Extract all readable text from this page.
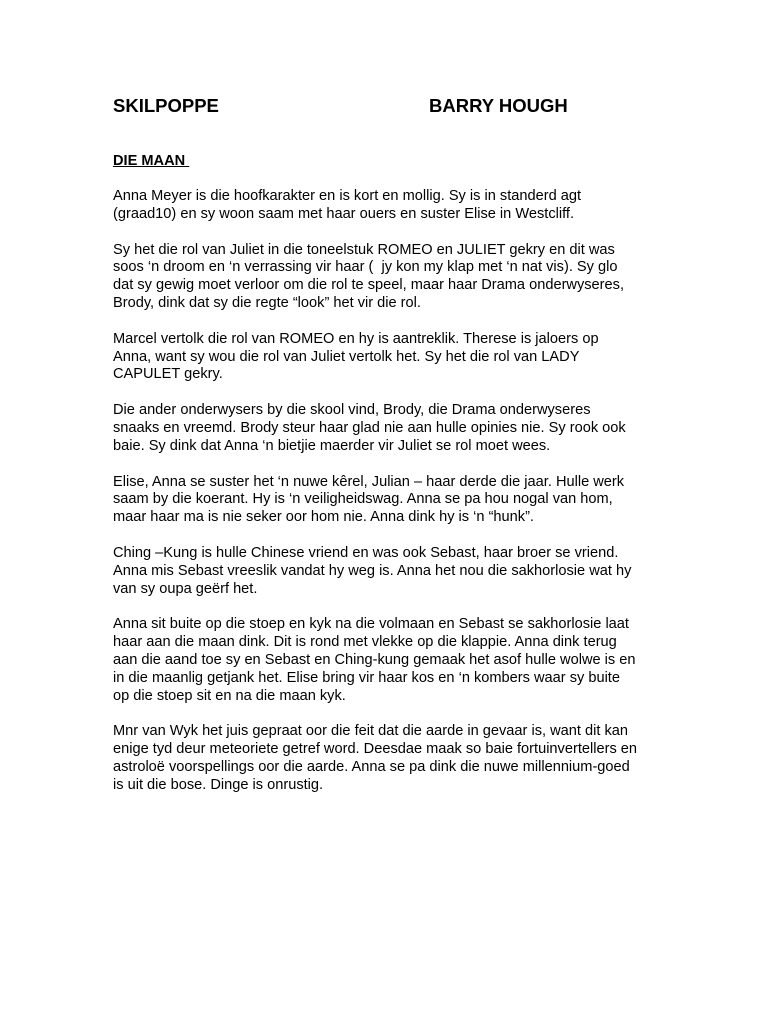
SKILPOPPE	BARRY HOUGH
DIE MAAN

Anna Meyer is die hoofkarakter en is kort en mollig. Sy is in standerd agt
(graad10) en sy woon saam met haar ouers en suster Elise in Westcliff.

Sy het die rol van Juliet in die toneelstuk ROMEO en JULIET gekry en dit was
soos ‘n droom en ‘n verrassing vir haar (  jy kon my klap met ‘n nat vis). Sy glo
dat sy gewig moet verloor om die rol te speel, maar haar Drama onderwyseres,
Brody, dink dat sy die regte “look” het vir die rol.

Marcel vertolk die rol van ROMEO en hy is aantreklik. Therese is jaloers op
Anna, want sy wou die rol van Juliet vertolk het. Sy het die rol van LADY
CAPULET gekry.

Die ander onderwysers by die skool vind, Brody, die Drama onderwyseres
snaaks en vreemd. Brody steur haar glad nie aan hulle opinies nie. Sy rook ook
baie. Sy dink dat Anna ‘n bietjie maerder vir Juliet se rol moet wees.

Elise, Anna se suster het ‘n nuwe kêrel, Julian – haar derde die jaar. Hulle werk
saam by die koerant. Hy is ‘n veiligheidswag. Anna se pa hou nogal van hom,
maar haar ma is nie seker oor hom nie. Anna dink hy is ‘n “hunk”.

Ching –Kung is hulle Chinese vriend en was ook Sebast, haar broer se vriend.
Anna mis Sebast vreeslik vandat hy weg is. Anna het nou die sakhorlosie wat hy
van sy oupa geërf het.

Anna sit buite op die stoep en kyk na die volmaan en Sebast se sakhorlosie laat
haar aan die maan dink. Dit is rond met vlekke op die klappie. Anna dink terug
aan die aand toe sy en Sebast en Ching-kung gemaak het asof hulle wolwe is en
in die maanlig getjank het. Elise bring vir haar kos en ‘n kombers waar sy buite
op die stoep sit en na die maan kyk.

Mnr van Wyk het juis gepraat oor die feit dat die aarde in gevaar is, want dit kan
enige tyd deur meteoriete getref word. Deesdae maak so baie fortuinvertellers en
astroloë voorspellings oor die aarde. Anna se pa dink die nuwe millennium-goed
is uit die bose. Dinge is onrustig.
